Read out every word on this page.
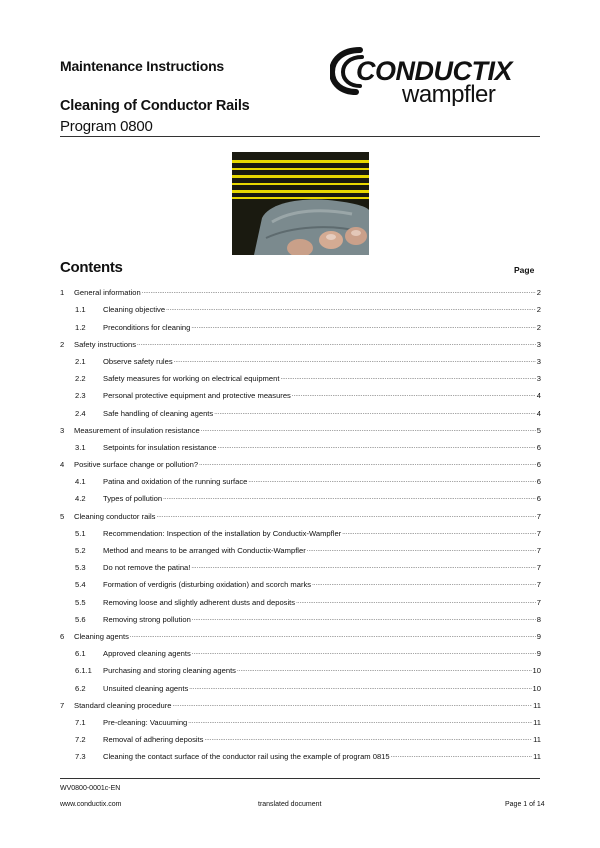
Maintenance Instructions	CONDUCTIX
wampfler
Cleaning of Conductor Rails
Program 0800
Contents	Page
1	General information .....	2
1.1	Cleaning objective .....	2
1.2	Preconditions for cleaning .....	2
2	Safety instructions .....	3
2.1	Observe safety rules .....	3
2.2	Safety measures for working on electrical equipment .....	3
2.3	Personal protective equipment and protective measures .....	4
2.4	Safe handling of cleaning agents .....	4
3	Measurement of insulation resistance .....	5
3.1	Setpoints for insulation resistance .....	6
4	Positive surface change or pollution? .....	6
4.1	Patina and oxidation of the running surface .....	6
4.2	Types of pollution .....	6
5	Cleaning conductor rails .....	7
5.1	Recommendation: Inspection of the installation by Conductix-Wampfler .....	7
5.2	Method and means to be arranged with Conductix-Wampfler .....	7
5.3	Do not remove the patina! .....	7
5.4	Formation of verdigris (disturbing oxidation) and scorch marks .....	7
5.5	Removing loose and slightly adherent dusts and deposits .....	7
5.6	Removing strong pollution .....	8
6	Cleaning agents .....	9
6.1	Approved cleaning agents .....	9
6.1.1	Purchasing and storing cleaning agents .....	10
6.2	Unsuited cleaning agents .....	10
7	Standard cleaning procedure .....	11
7.1	Pre-cleaning: Vacuuming .....	11
7.2	Removal of adhering deposits .....	11
7.3	Cleaning the contact surface of the conductor rail using the example of program 0815 .....	11
WV0800-0001c-EN
www.conductix.com	translated document	Page 1 of 14
